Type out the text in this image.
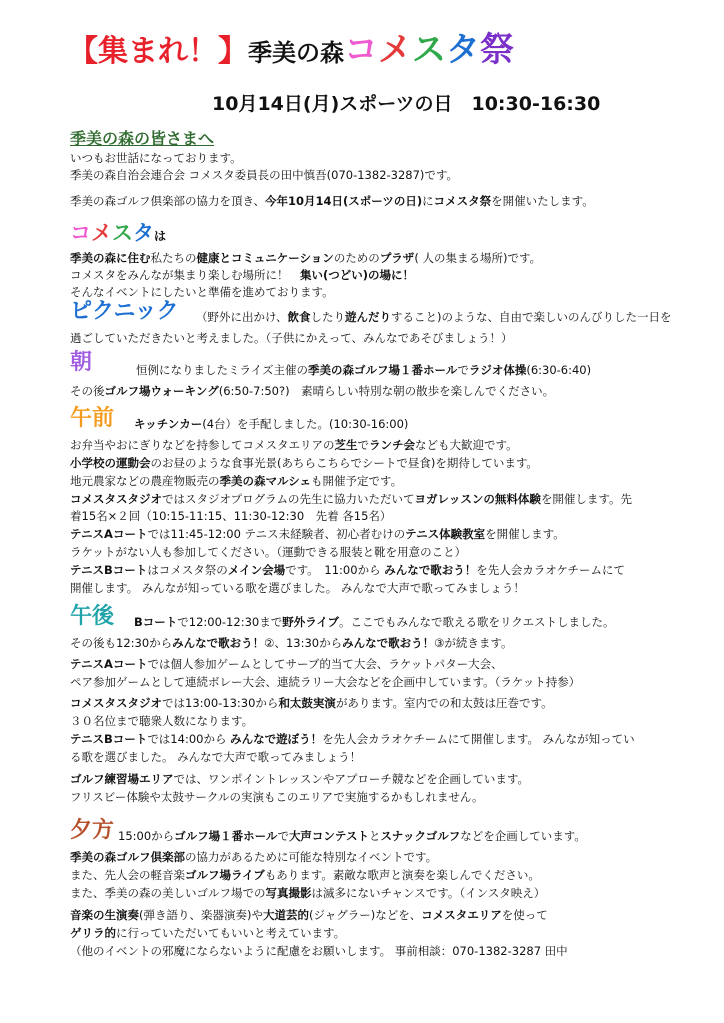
【集まれ！】季美の森コメスタ祭
10月14日(月)スポーツの日　10:30-16:30
季美の森の皆さまへ
いつもお世話になっております。
季美の森自治会連合会 コメスタ委員長の田中慎吾(070-1382-3287)です。
季美の森ゴルフ倶楽部の協力を頂き、今年10月14日(スポーツの日)にコメスタ祭を開催いたします。
コメスタは
季美の森に住む私たちの健康とコミュニケーションのためのプラザ( 人の集まる場所)です。
コメスタをみんなが集まり楽しむ場所に！　集い(つどい)の場に！
そんなイベントにしたいと準備を進めております。
ピクニック （野外に出かけ、飲食したり遊んだりすること)のような、自由で楽しいのんびりした一日を
過ごしていただきたいと考えました。（子供にかえって、みんなであそびましょう！）
朝	恒例になりましたミライズ主催の季美の森ゴルフ場１番ホールでラジオ体操(6:30-6:40)
その後ゴルフ場ウォーキング(6:50-7:50?)　素晴らしい特別な朝の散歩を楽しんでください。
午前 キッチンカー(4台）を手配しました。(10:30-16:00)
お弁当やおにぎりなどを持参してコメスタエリアの芝生でランチ会なども大歓迎です。
小学校の運動会のお昼のような食事光景(あちらこちらでシートで昼食)を期待しています。
地元農家などの農産物販売の季美の森マルシェも開催予定です。
コメスタスタジオではスタジオプログラムの先生に協力いただいてヨガレッスンの無料体験を開催します。先
着15名×２回（10:15-11:15、11:30-12:30　先着 各15名）
テニスAコートでは11:45-12:00 テニス未経験者、初心者むけのテニス体験教室を開催します。
ラケットがない人も参加してください。（運動できる服装と靴を用意のこと）
テニスBコートはコメスタ祭のメイン会場です。　11:00から みんなで歌おう！を先人会カラオケチームにて
開催します。 みんなが知っている歌を選びました。 みんなで大声で歌ってみましょう！
午後 Bコートで12:00-12:30まで野外ライブ。ここでもみんなで歌える歌をリクエストしました。
その後も12:30からみんなで歌おう！②、13:30からみんなで歌おう！③が続きます。
テニスAコートでは個人参加ゲームとしてサーブ的当て大会、ラケットパター大会、
ペア参加ゲームとして連続ボレー大会、連続ラリー大会などを企画中しています。（ラケット持参）
コメスタスタジオでは13:00-13:30から和太鼓実演があります。室内での和太鼓は圧巻です。
３０名位まで聴衆人数になります。
テニスBコートでは14:00から みんなで遊ぼう！を先人会カラオケチームにて開催します。 みんなが知ってい
る歌を選びました。 みんなで大声で歌ってみましょう！
ゴルフ練習場エリアでは、ワンポイントレッスンやアプローチ競などを企画しています。
フリスビー体験や太鼓サークルの実演もこのエリアで実施するかもしれません。
夕方 15:00からゴルフ場１番ホールで大声コンテストとスナックゴルフなどを企画しています。
季美の森ゴルフ倶楽部の協力があるために可能な特別なイベントです。
また、先人会の軽音楽ゴルフ場ライブもあります。素敵な歌声と演奏を楽しんでください。
また、季美の森の美しいゴルフ場での写真撮影は滅多にないチャンスです。（インスタ映え）
音楽の生演奏(弾き語り、楽器演奏)や大道芸的(ジャグラー)などを、コメスタエリアを使って
ゲリラ的に行っていただいてもいいと考えています。
（他のイベントの邪魔にならないように配慮をお願いします。 事前相談：070-1382-3287 田中
